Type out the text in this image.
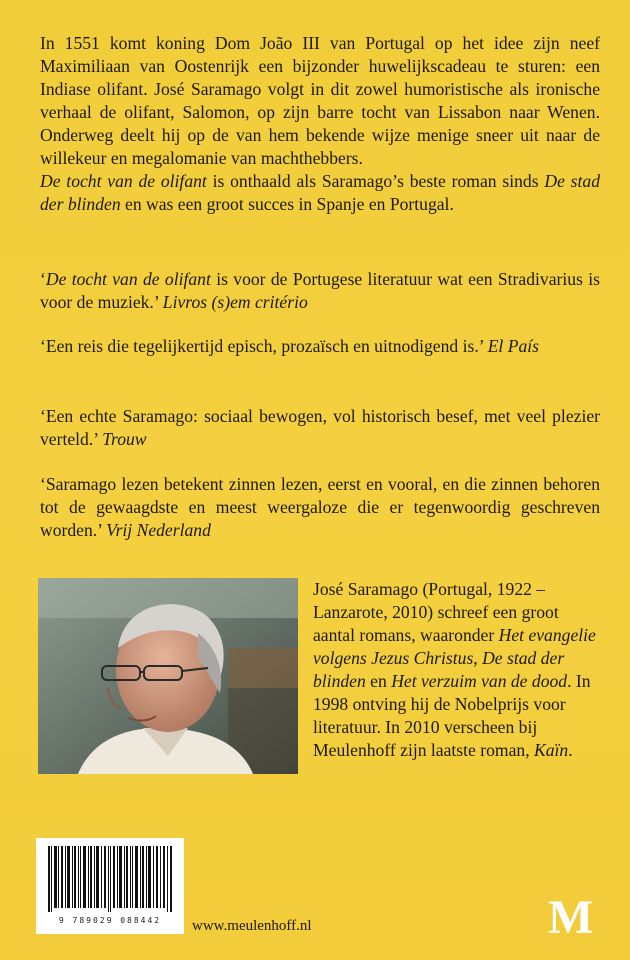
In 1551 komt koning Dom João III van Portugal op het idee zijn neef Maximiliaan van Oostenrijk een bijzonder huwelijkscadeau te sturen: een Indiase olifant. José Saramago volgt in dit zowel humoristische als ironische verhaal de olifant, Salomon, op zijn barre tocht van Lissabon naar Wenen. Onderweg deelt hij op de van hem bekende wijze menige sneer uit naar de willekeur en megalomanie van machthebbers.

De tocht van de olifant is onthaald als Saramago’s beste roman sinds De stad der blinden en was een groot succes in Spanje en Portugal.

‘De tocht van de olifant is voor de Portugese literatuur wat een Stradivarius is voor de muziek.’ Livros (s)em critério

‘Een reis die tegelijkertijd episch, prozaïsch en uitnodigend is.’ El País

‘Een echte Saramago: sociaal bewogen, vol historisch besef, met veel plezier verteld.’ Trouw

‘Saramago lezen betekent zinnen lezen, eerst en vooral, en die zinnen behoren tot de gewaagdste en meest weergaloze die er tegenwoordig geschreven worden.’ Vrij Nederland

José Saramago (Portugal, 1922 – Lanzarote, 2010) schreef een groot aantal romans, waaronder Het evangelie volgens Jezus Christus, De stad der blinden en Het verzuim van de dood. In 1998 ontving hij de Nobelprijs voor literatuur. In 2010 verscheen bij Meulenhoff zijn laatste roman, Kaïn.

9 789029 088442	www.meulenhoff.nl	M
